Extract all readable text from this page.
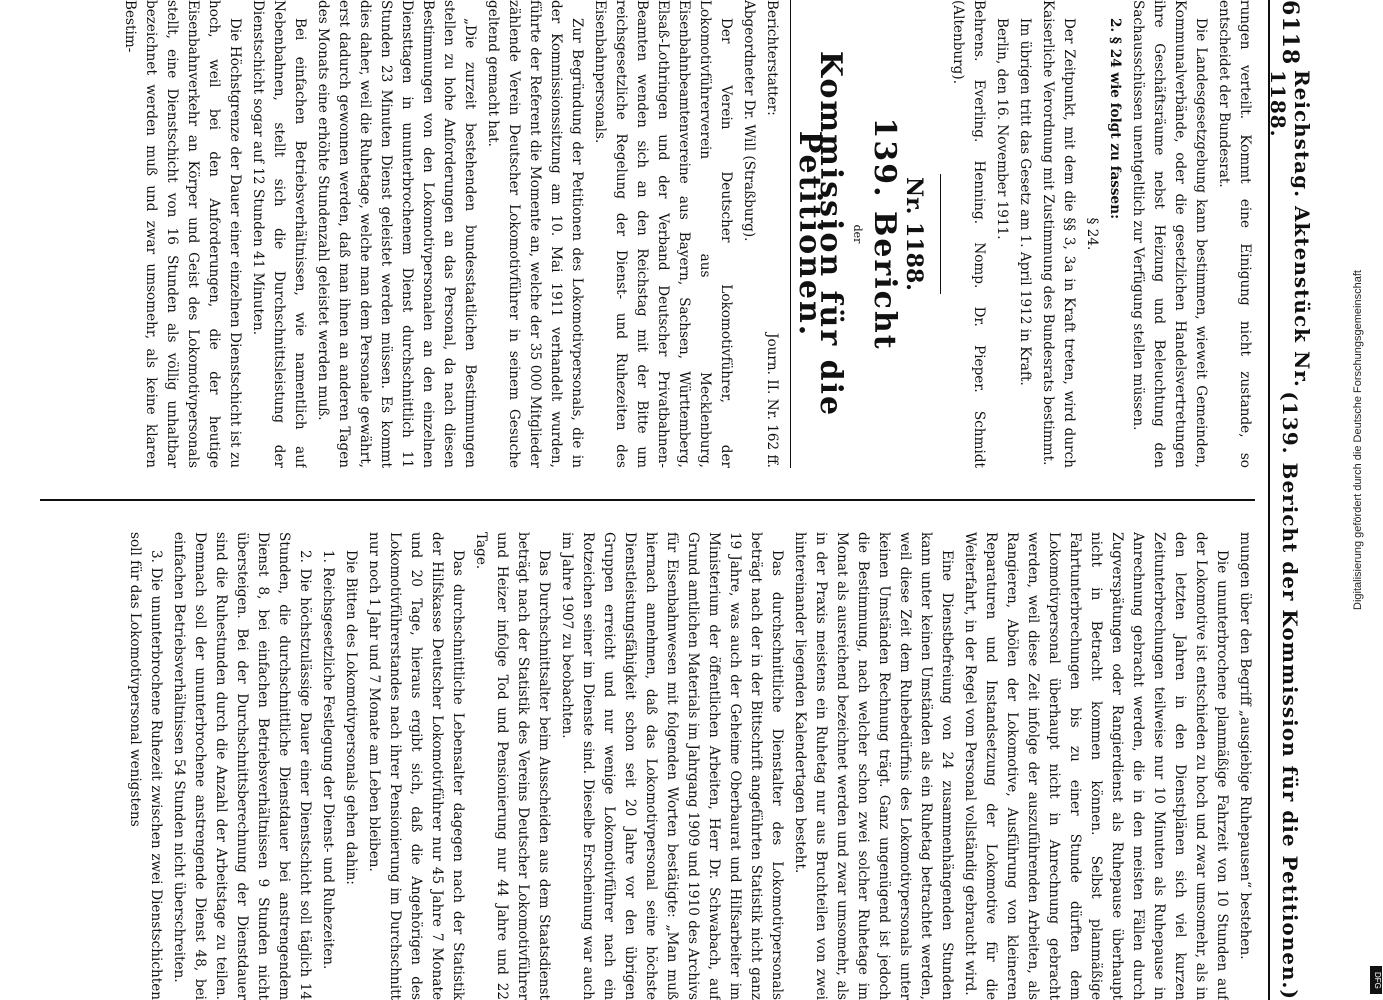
6118
Reichstag. Aktenstück Nr. 1188.
(139. Bericht der Kommission für die Petitionen.)

rungen verteilt. Kommt eine Einigung nicht zustande, so entscheidet der Bundesrat.

Die Landesgesetzgebung kann bestimmen, wieweit Gemeinden, Kommunalverbände, oder die gesetzlichen Handelsvertretungen ihre Geschäftsräume nebst Heizung und Beleuchtung den Sachausschüssen unentgeltlich zur Verfügung stellen müssen.

2. § 24 wie folgt zu fassen:

§ 24.

Der Zeitpunkt, mit dem die §§ 3, 3a in Kraft treten, wird durch Kaiserliche Verordnung mit Zustimmung des Bundesrats bestimmt.

Im übrigen tritt das Gesetz am 1. April 1912 in Kraft.

Berlin, den 16. November 1911.

Behrens. Everling. Henning. Nomp. Dr. Pieper. Schmidt (Altenburg).

Nr. 1188.
139. Bericht
der
Kommission für die Petitionen.

Berichterstatter:

Abgeordneter Dr. Will (Straßburg).

Journ. II. Nr. 162 ff.

Der Verein Deutscher Lokomotivführer, der Lokomotivführerverein aus Mecklenburg, Eisenbahnbeamtenvereine aus Bayern, Sachsen, Württemberg, Elsaß-Lothringen und der Verband Deutscher Privatbahnen-Beamten wenden sich an den Reichstag mit der Bitte um reichsgesetzliche Regelung der Dienst- und Ruhezeiten des Eisenbahnpersonals.

Zur Begründung der Petitionen des Lokomotivpersonals, die in der Kommissionssitzung am 10. Mai 1911 verhandelt wurden, führte der Referent die Momente an, welche der 35 000 Mitglieder zählende Verein Deutscher Lokomotivführer in seinem Gesuche geltend gemacht hat.

„Die zurzeit bestehenden bundesstaatlichen Bestimmungen stellen zu hohe Anforderungen an das Personal, da nach diesen Bestimmungen von den Lokomotivpersonalen an den einzelnen Diensttagen in ununterbrochenem Dienst durchschnittlich 11 Stunden 23 Minuten Dienst geleistet werden müssen. Es kommt dies daher, weil die Ruhetage, welche man dem Personale gewährt, erst dadurch gewonnen werden, daß man ihnen an anderen Tagen des Monats eine erhöhte Stundenzahl geleistet werden muß.

Bei einfachen Betriebsverhältnissen, wie namentlich auf Nebenbahnen, stellt sich die Durchschnittsleistung der Dienstschicht sogar auf 12 Stunden 41 Minuten.

Die Höchstgrenze der Dauer einer einzelnen Dienstschicht ist zu hoch, weil bei den Anforderungen, die der heutige Eisenbahnverkehr an Körper und Geist des Lokomotivpersonals stellt, eine Dienstschicht von 16 Stunden als völlig unhaltbar bezeichnet werden muß und zwar umsomehr, als keine klaren Bestim-

mungen über den Begriff „ausgiebige Ruhepausen“ bestehen.

Die ununterbrochene planmäßige Fahrzeit von 10 Stunden auf der Lokomotive ist entschieden zu hoch und zwar umsomehr, als in den letzten Jahren in den Dienstplänen sich viel kurzen Zeitunterbrechungen teilweise nur 10 Minuten als Ruhepause in Anrechnung gebracht werden, die in den meisten Fällen durch Zugverspätungen oder Rangierdienst als Ruhepause überhaupt nicht in Betracht kommen können. Selbst planmäßige Fahrtunterbrechungen bis zu einer Stunde dürften dem Lokomotivpersonal überhaupt nicht in Anrechnung gebracht werden, weil diese Zeit infolge der auszuführenden Arbeiten, als Rangieren, Abölen der Lokomotive, Ausführung von kleineren Reparaturen und Instandsetzung der Lokomotive für die Weiterfahrt, in der Regel vom Personal vollständig gebraucht wird.

Eine Dienstbefreiung von 24 zusammenhängenden Stunden kann unter keinen Umständen als ein Ruhetag betrachtet werden, weil diese Zeit dem Ruhebedürfnis des Lokomotivpersonals unter keinen Umständen Rechnung trägt. Ganz ungenügend ist jedoch die Bestimmung, nach welcher schon zwei solcher Ruhetage im Monat als ausreichend bezeichnet werden und zwar umsomehr, als in der Praxis meistens ein Ruhetag nur aus Bruchteilen von zwei hintereinander liegenden Kalendertagen besteht.

Das durchschnittliche Dienstalter des Lokomotivpersonals beträgt nach der in der Bittschrift angeführten Statistik nicht ganz 19 Jahre, was auch der Geheime Oberbaurat und Hilfsarbeiter im Ministerium der öffentlichen Arbeiten, Herr Dr. Schwabach, auf Grund amtlichen Materials im Jahrgang 1909 und 1910 des Archivs für Eisenbahnwesen mit folgenden Worten bestätigte: „Man muß hiernach annehmen, daß das Lokomotivpersonal seine höchste Dienstleistungsfähigkeit schon seit 20 Jahre vor den übrigen Gruppen erreicht und nur wenige Lokomotivführer nach ein Rotzeichen seiner im Dienste sind. Dieselbe Erscheinung war auch im Jahre 1907 zu beobachten.

Das Durchschnittsalter beim Ausscheiden aus dem Staatsdienst beträgt nach der Statistik des Vereins Deutscher Lokomotivführer und Heizer infolge Tod und Pensionierung nur 44 Jahre und 22 Tage.

Das durchschnittliche Lebensalter dagegen nach der Statistik der Hilfskasse Deutscher Lokomotivführer nur 45 Jahre 7 Monate und 20 Tage, hieraus ergibt sich, daß die Angehörigen des Lokomotivführerstandes nach ihrer Pensionierung im Durchschnitt nur noch 1 Jahr und 7 Monate am Leben bleiben.

Die Bitten des Lokomotivpersonals gehen dahin:

1. Reichsgesetzliche Festlegung der Dienst- und Ruhezeiten.

2. Die höchstzulässige Dauer einer Dienstschicht soll täglich 14 Stunden, die durchschnittliche Dienstdauer bei anstrengendem Dienst 8, bei einfachen Betriebsverhältnissen 9 Stunden nicht übersteigen. Bei der Durchschnittsberechnung der Dienstdauer sind die Ruhestunden durch die Anzahl der Arbeitstage zu teilen. Demnach soll der ununterbrochene anstrengende Dienst 48, bei einfachen Betriebsverhältnissen 54 Stunden nicht überschreiten.

3. Die ununterbrochene Ruhezeit zwischen zwei Dienstschichten soll für das Lokomotivpersonal wenigstens

Digitalisierung gefördert durch die Deutsche Forschungsgemeinschaft
DFG
